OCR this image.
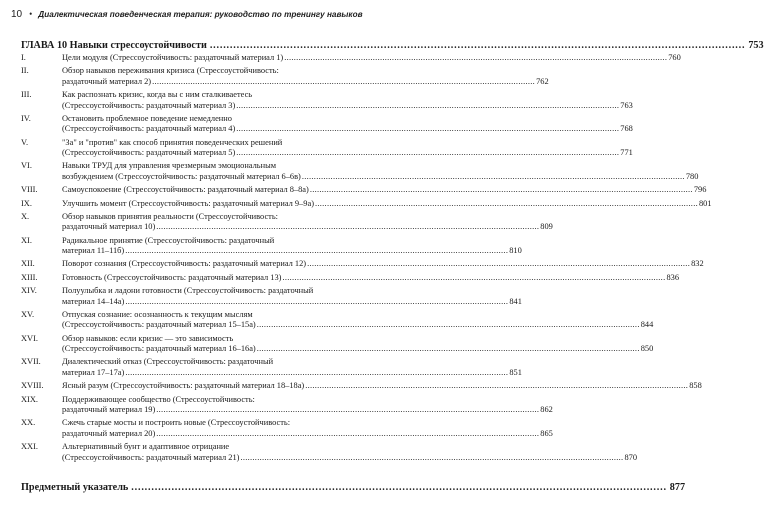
10 • Диалектическая поведенческая терапия: руководство по тренингу навыков
ГЛАВА 10 Навыки стрессоустойчивости ................................................................................................................................................................ 753
I.	Цели модуля (Стрессоустойчивость: раздаточный материал 1) ................................................................................................................................................................ 760
II.	Обзор навыков переживания кризиса (Стрессоустойчивость:
раздаточный материал 2) ................................................................................................................................................................ 762
III.	Как распознать кризис, когда вы с ним сталкиваетесь
(Стрессоустойчивость: раздаточный материал 3) ................................................................................................................................................................ 763
IV.	Остановить проблемное поведение немедленно
(Стрессоустойчивость: раздаточный материал 4) ................................................................................................................................................................ 768
V.	"За" и "против" как способ принятия поведенческих решений
(Стрессоустойчивость: раздаточный материал 5) ................................................................................................................................................................ 771
VI.	Навыки ТРУД для управления чрезмерным эмоциональным
возбуждением (Стрессоустойчивость: раздаточный материал 6–6в) ................................................................................................................................................................ 780
VIII.	Самоуспокоение (Стрессоустойчивость: раздаточный материал 8–8а) ................................................................................................................................................................ 796
IX.	Улучшить момент (Стрессоустойчивость: раздаточный материал 9–9а) ................................................................................................................................................................ 801
X.	Обзор навыков принятия реальности (Стрессоустойчивость:
раздаточный материал 10) ................................................................................................................................................................ 809
XI.	Радикальное принятие (Стрессоустойчивость: раздаточный
материал 11–11б) ................................................................................................................................................................ 810
XII.	Поворот сознания (Стрессоустойчивость: раздаточный материал 12) ................................................................................................................................................................ 832
XIII.	Готовность (Стрессоустойчивость: раздаточный материал 13) ................................................................................................................................................................ 836
XIV.	Полуулыбка и ладони готовности (Стрессоустойчивость: раздаточный
материал 14–14а) ................................................................................................................................................................ 841
XV.	Отпуская сознание: осознанность к текущим мыслям
(Стрессоустойчивость: раздаточный материал 15–15а) ................................................................................................................................................................ 844
XVI.	Обзор навыков: если кризис — это зависимость
(Стрессоустойчивость: раздаточный материал 16–16а) ................................................................................................................................................................ 850
XVII.	Диалектический отказ (Стрессоустойчивость: раздаточный
материал 17–17а) ................................................................................................................................................................ 851
XVIII.	Ясный разум (Стрессоустойчивость: раздаточный материал 18–18а) ................................................................................................................................................................ 858
XIX.	Поддерживающее сообщество (Стрессоустойчивость:
раздаточный материал 19) ................................................................................................................................................................ 862
XX.	Сжечь старые мосты и построить новые (Стрессоустойчивость:
раздаточный материал 20) ................................................................................................................................................................ 865
XXI.	Альтернативный бунт и адаптивное отрицание
(Стрессоустойчивость: раздаточный материал 21) ................................................................................................................................................................ 870
Предметный указатель ................................................................................................................................................................ 877
